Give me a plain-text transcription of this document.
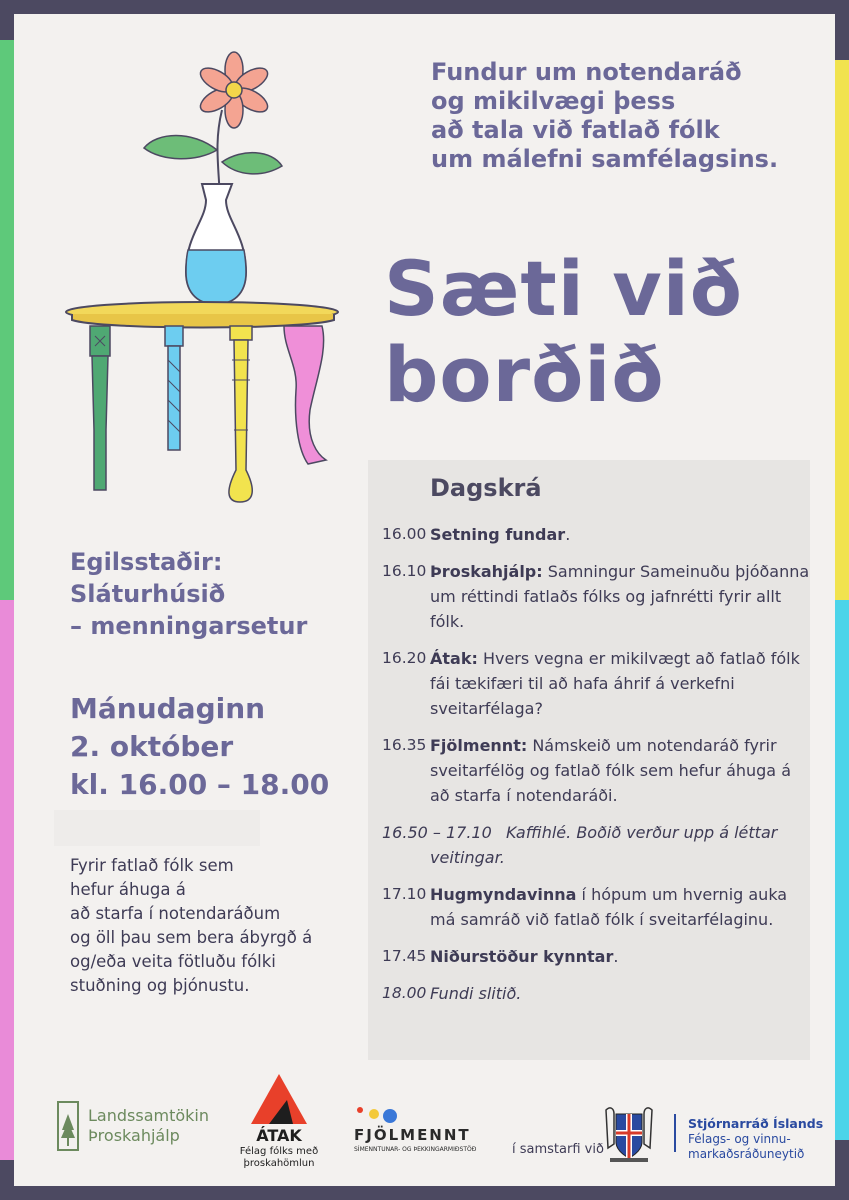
Fundur um notendaráð
og mikilvægi þess
að tala við fatlað fólk
um málefni samfélagsins.
Sæti við
borðið
Egilsstaðir:
Sláturhúsið
– menningarsetur
Mánudaginn
2. október
kl. 16.00 – 18.00
Fyrir fatlað fólk sem
hefur áhuga á
að starfa í notendaráðum
og öll þau sem bera ábyrgð á
og/eða veita fötluðu fólki
stuðning og þjónustu.
Dagskrá
16.00 Setning fundar.
16.10 Þroskahjálp: Samningur Sameinuðu þjóðanna um réttindi fatlaðs fólks og jafnrétti fyrir allt fólk.
16.20 Átak: Hvers vegna er mikilvægt að fatlað fólk fái tækifæri til að hafa áhrif á verkefni sveitarfélaga?
16.35 Fjölmennt: Námskeið um notendaráð fyrir sveitarfélög og fatlað fólk sem hefur áhuga á að starfa í notendaráði.
16.50 – 17.10 Kaffihlé. Boðið verður upp á léttar veitingar.
17.10 Hugmyndavinna í hópum um hvernig auka má samráð við fatlað fólk í sveitarfélaginu.
17.45 Niðurstöður kynntar.
18.00 Fundi slitið.
Landssamtökin
Þroskahjálp	ÁTAK
Félag fólks með
þroskahömlun
FJÖLMENNT
SÍMENNTUNAR- OG ÞEKKINGARMIÐSTÖÐ	í samstarfi við
Stjórnarráð Íslands
Félags- og vinnu-
markaðsráðuneytið
